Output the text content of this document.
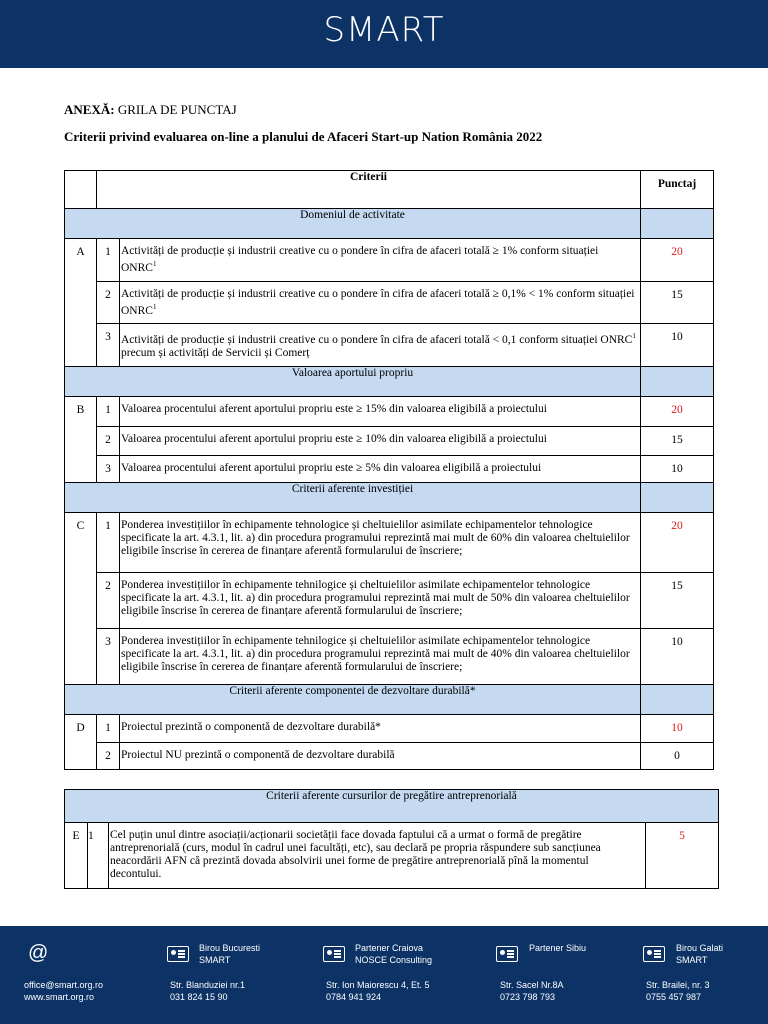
SMART
ANEXĂ: GRILA DE PUNCTAJ
Criterii privind evaluarea on-line a planului de Afaceri Start-up Nation România 2022
	Criterii		Punctaj
Domeniul de activitate			
A	1	Activități de producție și industrii creative cu o pondere în cifra de afaceri totală ≥ 1% conform situației ONRC$^1$	20
	2	Activități de producție și industrii creative cu o pondere în cifra de afaceri totală ≥ 0,1% < 1% conform situației ONRC$^1$	15
	3	Activități de producție și industrii creative cu o pondere în cifra de afaceri totală < 0,1 conform situației ONRC$^1$ precum și activități de Servicii și Comerț	10
Valoarea aportului propriu			
B	1	Valoarea procentului aferent aportului propriu este ≥ 15% din valoarea eligibilă a proiectului	20
	2	Valoarea procentului aferent aportului propriu este ≥ 10% din valoarea eligibilă a proiectului	15
	3	Valoarea procentului aferent aportului propriu este ≥ 5% din valoarea eligibilă a proiectului	10
Criterii aferente investiției			
C	1	Ponderea investițiilor în echipamente tehnologice și cheltuielilor asimilate echipamentelor tehnologice specificate la art. 4.3.1, lit. a) din procedura programului reprezintă mai mult de 60% din valoarea cheltuielilor eligibile înscrise în cererea de finanțare aferentă formularului de înscriere;	20
	2	Ponderea investițiilor în echipamente tehnilogice și cheltuielilor asimilate echipamentelor tehnologice specificate la art. 4.3.1, lit. a) din procedura programului reprezintă mai mult de 50% din valoarea cheltuielilor eligibile înscrise în cererea de finanțare aferentă formularului de înscriere;	15
	3	Ponderea investițiilor în echipamente tehnilogice și cheltuielilor asimilate echipamentelor tehnologice specificate la art. 4.3.1, lit. a) din procedura programului reprezintă mai mult de 40% din valoarea cheltuielilor eligibile înscrise în cererea de finanțare aferentă formularului de înscriere;	10
Criterii aferente componentei de dezvoltare durabilă*			
D	1	Proiectul prezintă o componentă de dezvoltare durabilă*	10
	2	Proiectul NU prezintă o componentă de dezvoltare durabilă	0
Criterii aferente cursurilor de pregătire antreprenorială
E	1	Cel puțin unul dintre asociații/acționarii societății face dovada faptului că a urmat o formă de pregătire antreprenorială (curs, modul în cadrul unei facultăți, etc), sau declară pe propria răspundere sub sancțiunea neacordării AFN că prezintă dovada absolvirii unei forme de pregătire antreprenorială pînă la momentul decontului.	5
@
office@smart.org.ro
www.smart.org.ro
Birou Bucuresti
SMART
Str. Blanduziei nr.1
031 824 15 90
Partener Craiova
NOSCE Consulting
Str. Ion Maiorescu 4, Et. 5
0784 941 924
Partener Sibiu
Str. Sacel Nr.8A
0723 798 793
Birou Galati
SMART
Str. Brailei, nr. 3
0755 457 987
